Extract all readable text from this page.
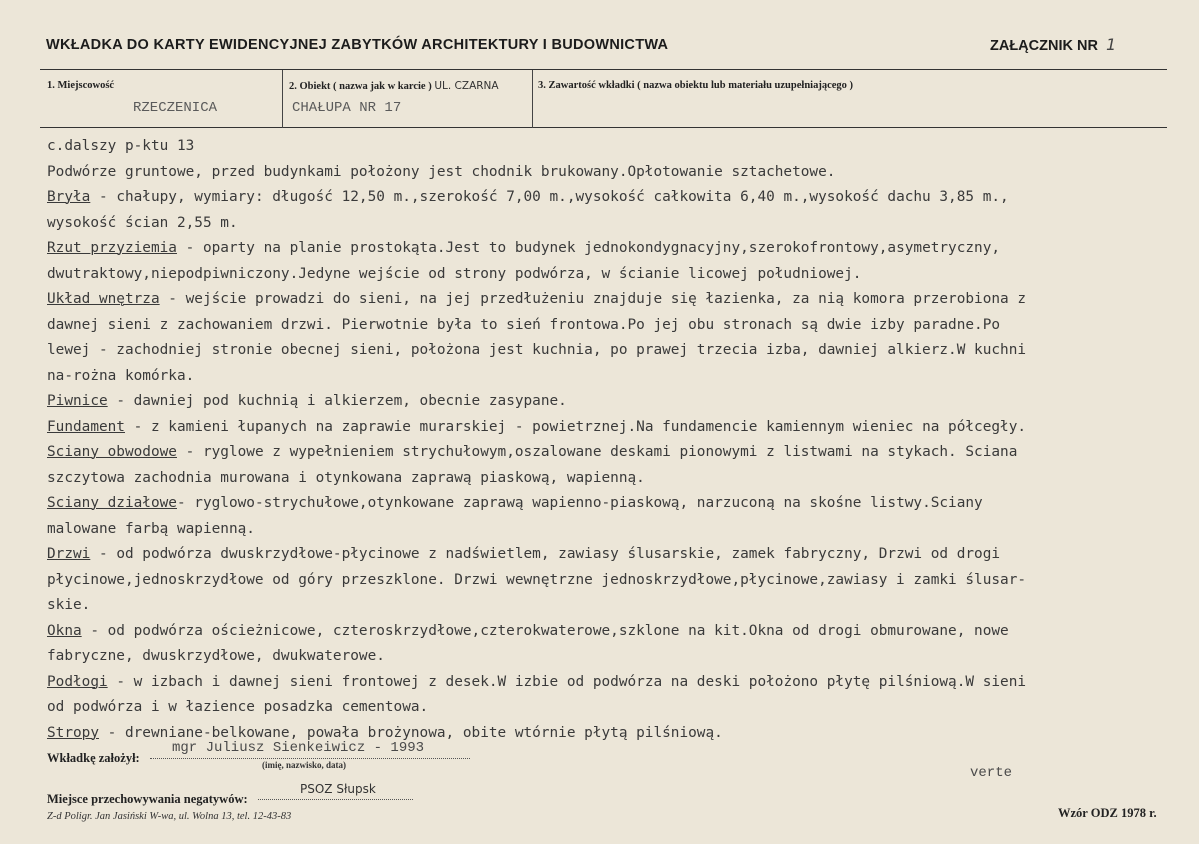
WKŁADKA DO KARTY EWIDENCYJNEJ ZABYTKÓW ARCHITEKTURY I BUDOWNICTWA	ZAŁĄCZNIK NR 1
1. Miejscowość
RZECZENICA
2. Obiekt ( nazwa jak w karcie ) UL. CZARNA
CHAŁUPA NR 17
3. Zawartość wkładki ( nazwa obiektu lub materiału uzupełniającego )
c.dalszy p-ktu 13
Podwórze gruntowe, przed budynkami położony jest chodnik brukowany.Opłotowanie sztachetowe.
Bryła - chałupy, wymiary: długość 12,50 m.,szerokość 7,00 m.,wysokość całkowita 6,40 m.,wysokość dachu 3,85 m.,
wysokość ścian 2,55 m.
Rzut przyziemia - oparty na planie prostokąta.Jest to budynek jednokondygnacyjny,szerokofrontowy,asymetryczny,
dwutraktowy,niepodpiwniczony.Jedyne wejście od strony podwórza, w ścianie licowej południowej.
Układ wnętrza - wejście prowadzi do sieni, na jej przedłużeniu znajduje się łazienka, za nią komora przerobiona z
dawnej sieni z zachowaniem drzwi. Pierwotnie była to sień frontowa.Po jej obu stronach są dwie izby paradne.Po
lewej - zachodniej stronie obecnej sieni, położona jest kuchnia, po prawej trzecia izba, dawniej alkierz.W kuchni
na-rożna komórka.
Piwnice - dawniej pod kuchnią i alkierzem, obecnie zasypane.
Fundament - z kamieni łupanych na zaprawie murarskiej - powietrznej.Na fundamencie kamiennym wieniec na półcegły.
Sciany obwodowe - ryglowe z wypełnieniem strychułowym,oszalowane deskami pionowymi z listwami na stykach. Sciana
szczytowa zachodnia murowana i otynkowana zaprawą piaskową, wapienną.
Sciany działowe- ryglowo-strychułowe,otynkowane zaprawą wapienno-piaskową, narzuconą na skośne listwy.Sciany
malowane farbą wapienną.
Drzwi - od podwórza dwuskrzydłowe-płycinowe z nadświetlem, zawiasy ślusarskie, zamek fabryczny, Drzwi od drogi
płycinowe,jednoskrzydłowe od góry przeszklone. Drzwi wewnętrzne jednoskrzydłowe,płycinowe,zawiasy i zamki ślusar-
skie.
Okna - od podwórza ościeżnicowe, czteroskrzydłowe,czterokwaterowe,szklone na kit.Okna od drogi obmurowane, nowe
fabryczne, dwuskrzydłowe, dwukwaterowe.
Podłogi - w izbach i dawnej sieni frontowej z desek.W izbie od podwórza na deski położono płytę pilśniową.W sieni
od podwórza i w łazience posadzka cementowa.
Stropy - drewniane-belkowane, powała brożynowa, obite wtórnie płytą pilśniową.
Wkładkę założył:
mgr Juliusz Sienkeiwicz - 1993
(imię, nazwisko, data)	verte
Miejsce przechowywania negatywów:
PSOZ Słupsk
Z-d Poligr. Jan Jasiński W-wa, ul. Wolna 13, tel. 12-43-83	Wzór ODZ 1978 r.
